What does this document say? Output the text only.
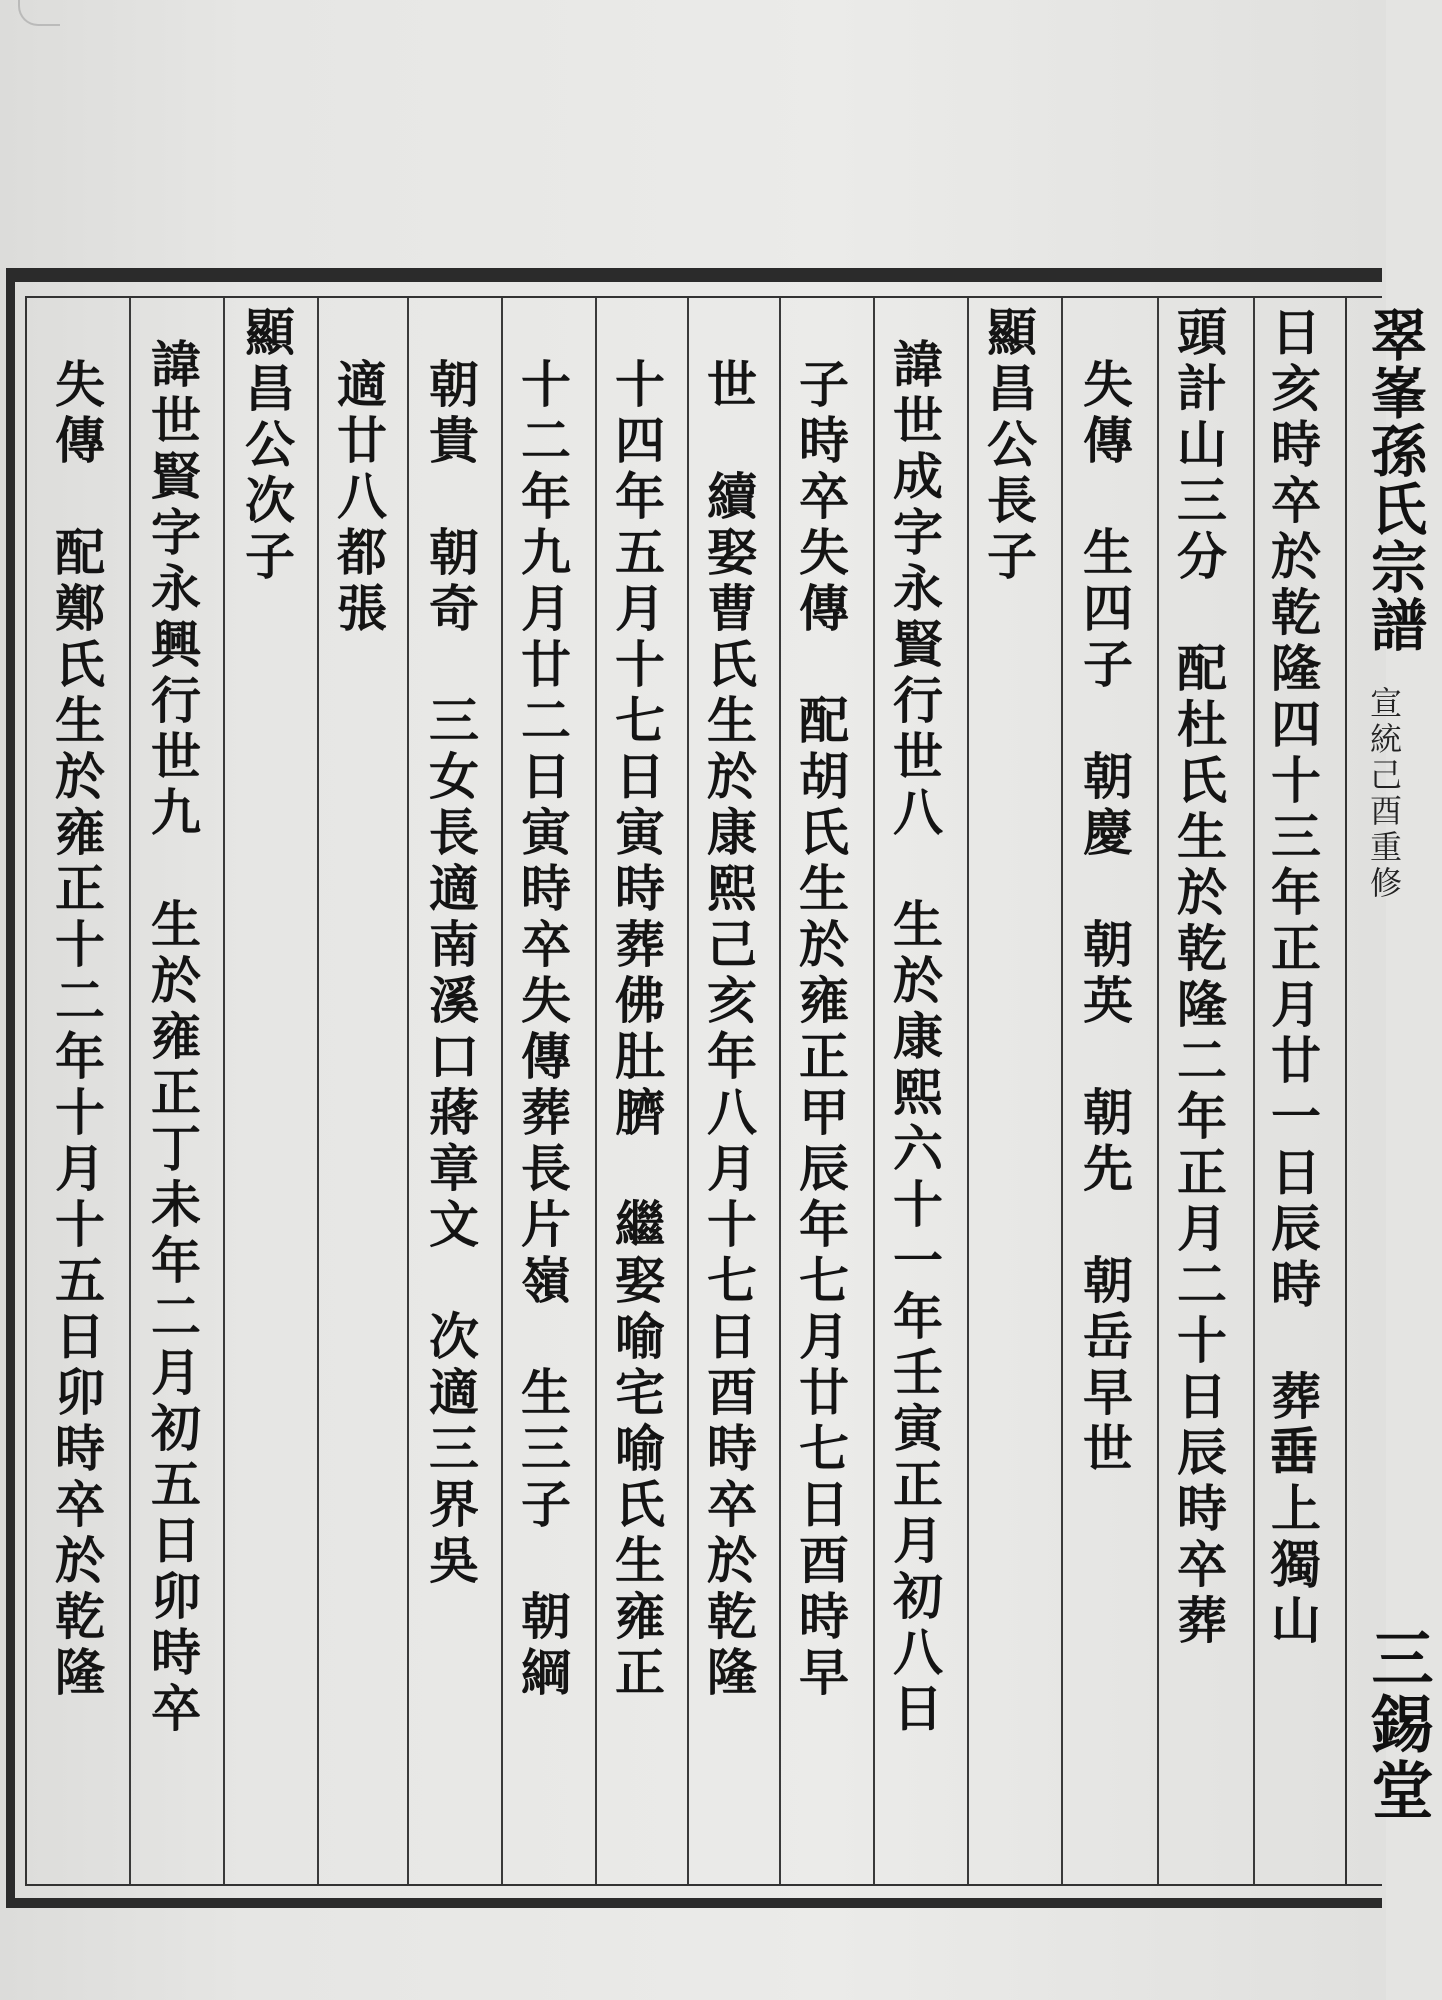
日亥時卒於乾隆四十三年正月廿一日辰時　葬𡸁上獨山
頭計山三分　配杜氏生於乾隆二年正月二十日辰時卒葬
失傳　生四子　朝慶　朝英　朝先　朝岳早世
顯昌公長子
諱世成字永賢行世八　生於康熙六十一年壬寅正月初八日
子時卒失傳　配胡氏生於雍正甲辰年七月廿七日酉時早
世　續娶曹氏生於康熙己亥年八月十七日酉時卒於乾隆
十四年五月十七日寅時葬佛肚臍　繼娶喻宅喻氏生雍正
十二年九月廿二日寅時卒失傳葬長片嶺　生三子　朝綱
朝貴　朝奇　三女長適南溪口蔣章文　次適三界吳
適廿八都張
顯昌公次子
諱世賢字永興行世九　生於雍正丁未年二月初五日卯時卒
失傳　配鄭氏生於雍正十二年十月十五日卯時卒於乾隆
翠峯孫氏宗譜
宣統己酉重修
三錫堂
